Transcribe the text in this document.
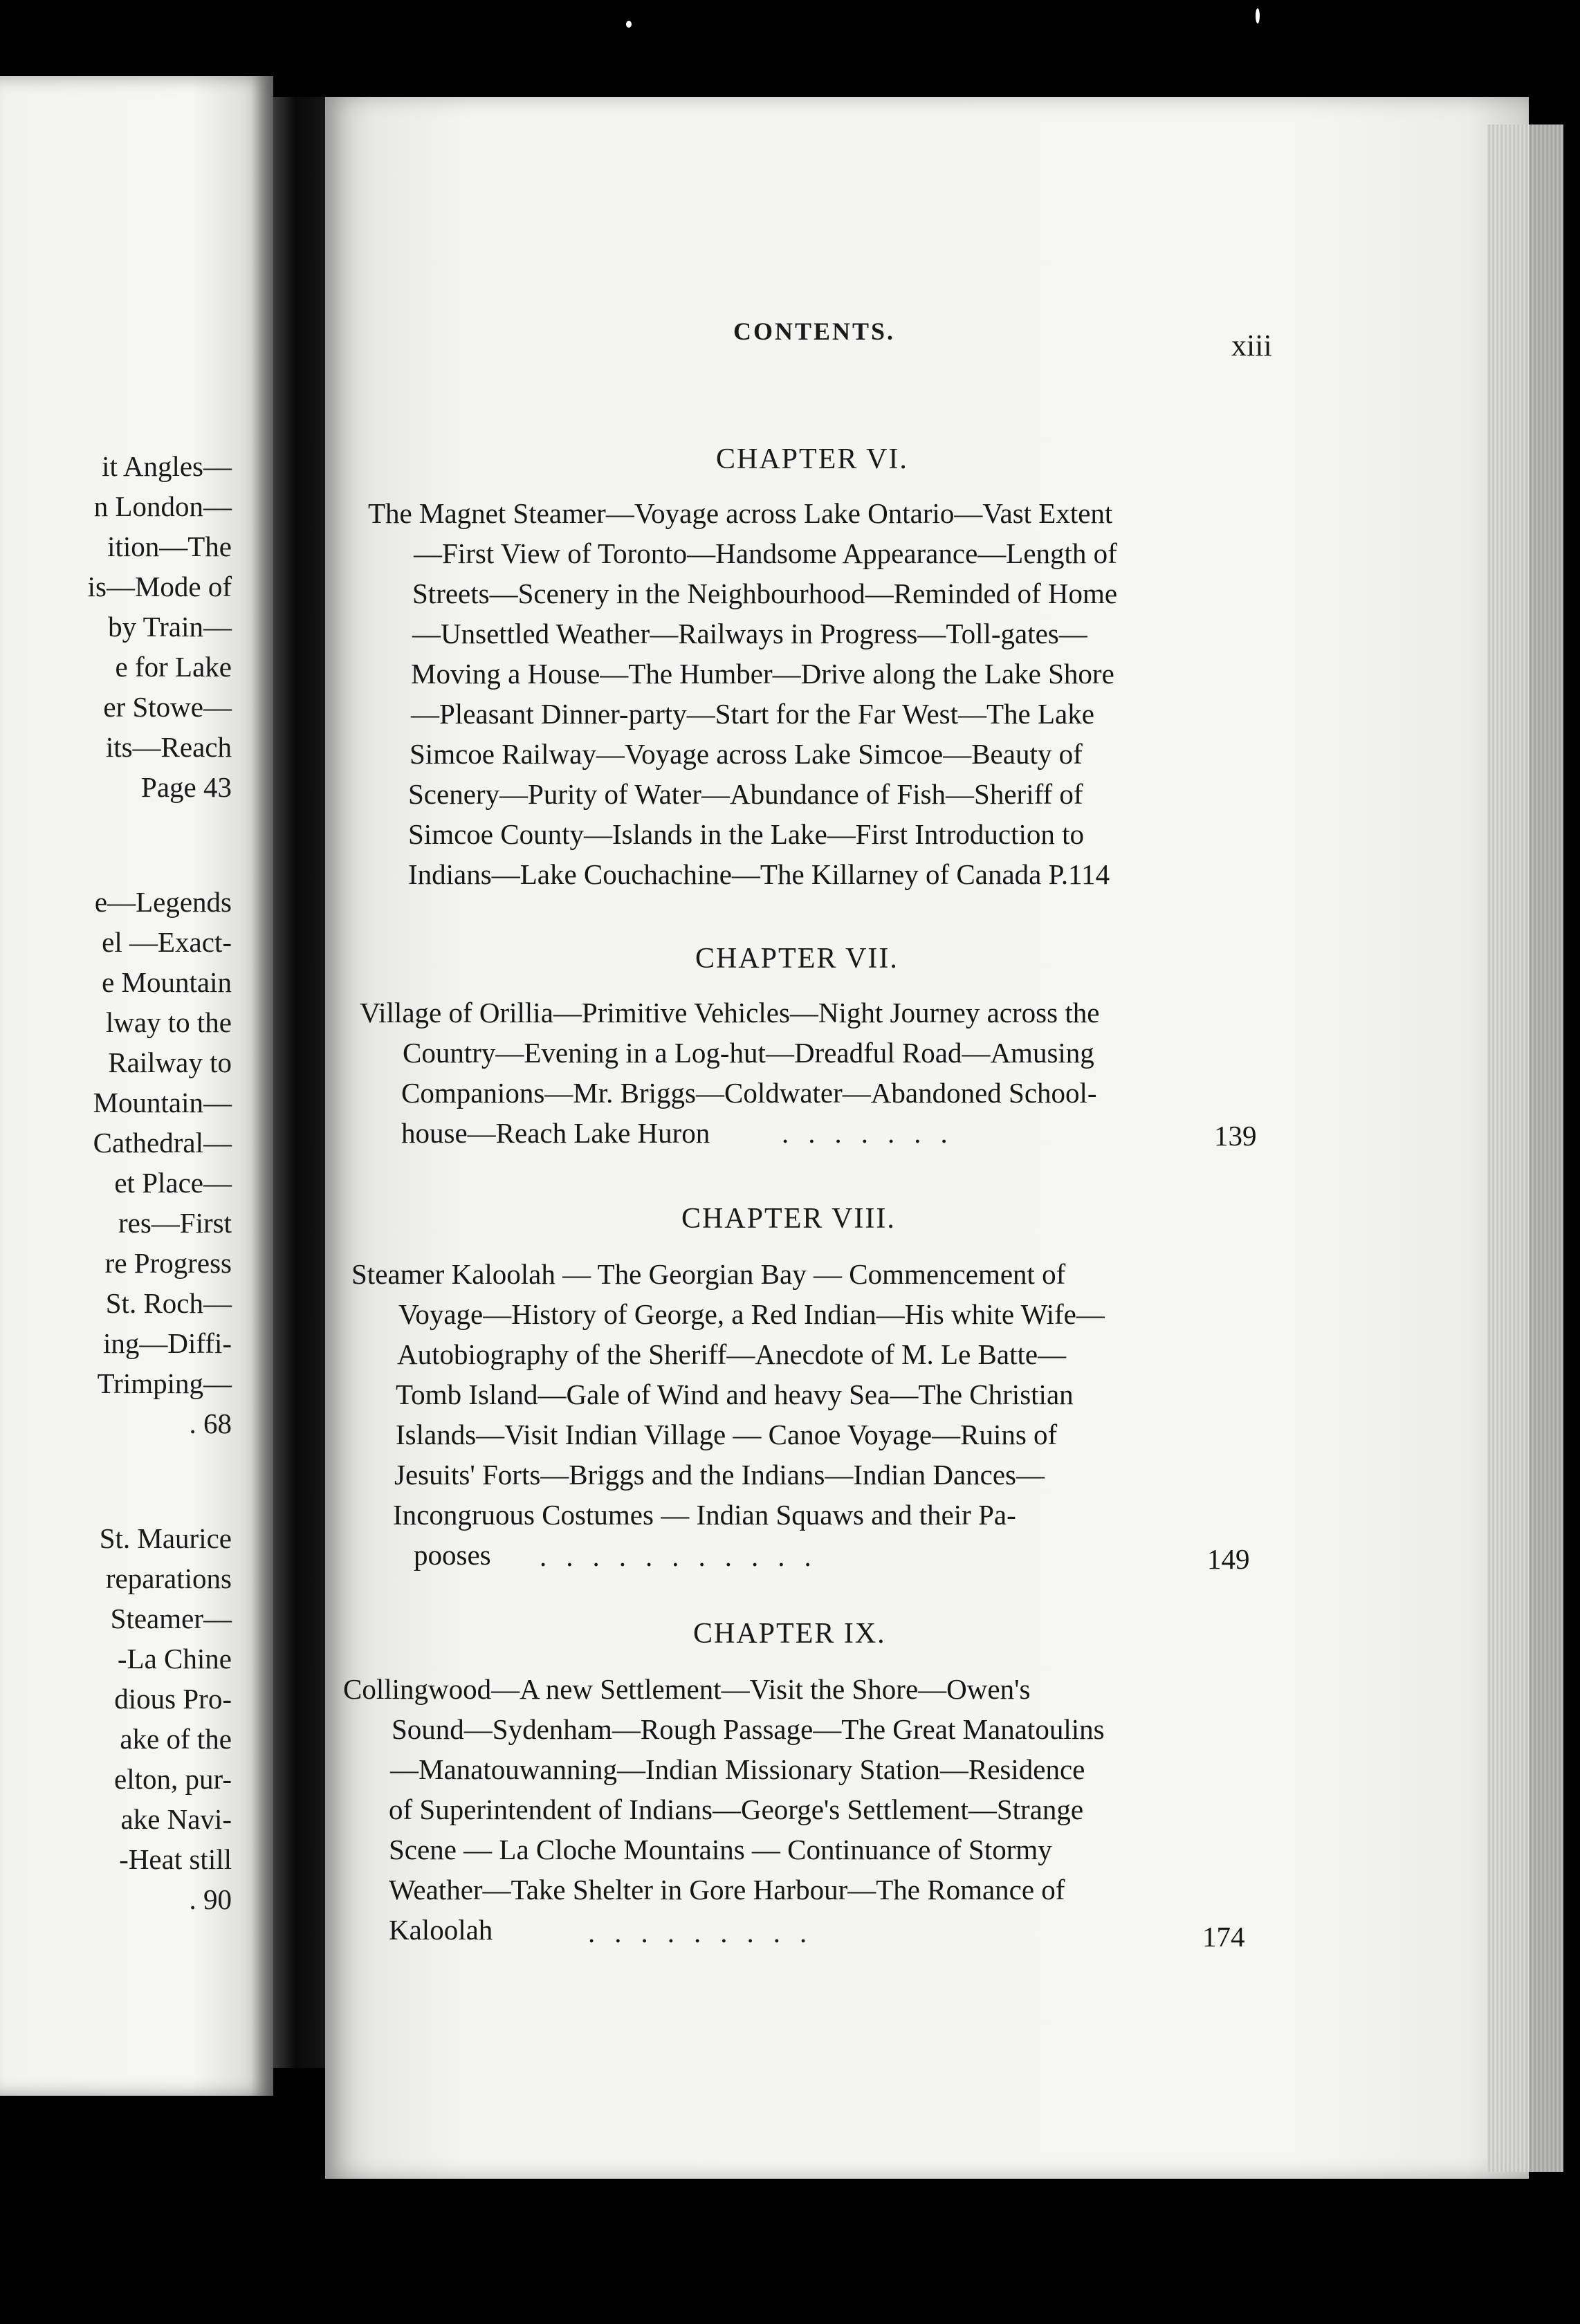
it Angles—
n London—
ition—The
is—Mode of
by Train—
e for Lake
er Stowe—
its—Reach
Page 43
e—Legends
el —Exact-
e Mountain
lway to the
Railway to
Mountain—
Cathedral—
et Place—
res—First
re Progress
St. Roch—
ing—Diffi-
Trimping—
. 68
St. Maurice
reparations
Steamer—
-La Chine
dious Pro-
ake of the
elton, pur-
ake Navi-
-Heat still
. 90
CONTENTS.	xiii
CHAPTER VI.
The Magnet Steamer—Voyage across Lake Ontario—Vast Extent
—First View of Toronto—Handsome Appearance—Length of
Streets—Scenery in the Neighbourhood—Reminded of Home
—Unsettled Weather—Railways in Progress—Toll-gates—
Moving a House—The Humber—Drive along the Lake Shore
—Pleasant Dinner-party—Start for the Far West—The Lake
Simcoe Railway—Voyage across Lake Simcoe—Beauty of
Scenery—Purity of Water—Abundance of Fish—Sheriff of
Simcoe County—Islands in the Lake—First Introduction to
Indians—Lake Couchachine—The Killarney of Canada P.114
CHAPTER VII.
Village of Orillia—Primitive Vehicles—Night Journey across the
Country—Evening in a Log-hut—Dreadful Road—Amusing
Companions—Mr. Briggs—Coldwater—Abandoned School-
house—Reach Lake Huron	.......	139
CHAPTER VIII.
Steamer Kaloolah — The Georgian Bay — Commencement of
Voyage—History of George, a Red Indian—His white Wife—
Autobiography of the Sheriff—Anecdote of M. Le Batte—
Tomb Island—Gale of Wind and heavy Sea—The Christian
Islands—Visit Indian Village — Canoe Voyage—Ruins of
Jesuits' Forts—Briggs and the Indians—Indian Dances—
Incongruous Costumes — Indian Squaws and their Pa-
pooses ...........	149
CHAPTER IX.
Collingwood—A new Settlement—Visit the Shore—Owen's
Sound—Sydenham—Rough Passage—The Great Manatoulins
—Manatouwanning—Indian Missionary Station—Residence
of Superintendent of Indians—George's Settlement—Strange
Scene — La Cloche Mountains — Continuance of Stormy
Weather—Take Shelter in Gore Harbour—The Romance of
Kaloolah	.........	174
